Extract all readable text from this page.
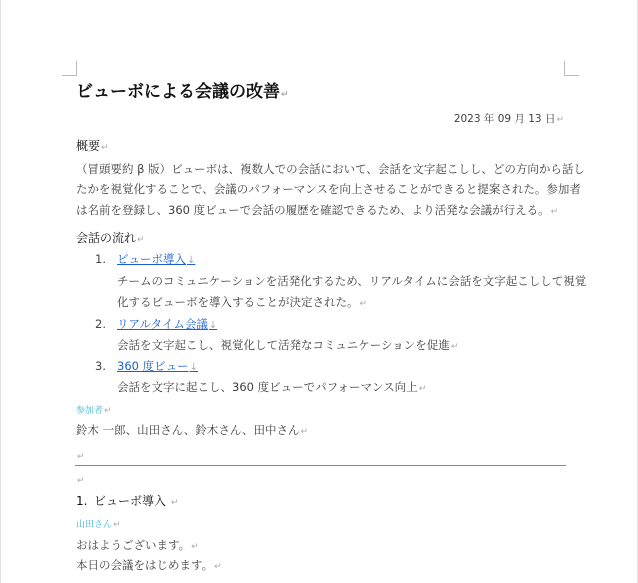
ビューボによる会議の改善 ↵
2023 年 09 月 13 日 ↵
概要 ↵
（冒頭要約 β 版）ビューボは、複数人での会話において、会話を文字起こしし、どの方向から話し
たかを視覚化することで、会議のパフォーマンスを向上させることができると提案された。参加者
は名前を登録し、360 度ビューで会話の履歴を確認できるため、より活発な会議が行える。 ↵
会話の流れ ↵
1. ビューボ導入 ↓
チームのコミュニケーションを活発化するため、リアルタイムに会話を文字起こしして視覚
化するビューボを導入することが決定された。 ↵
2. リアルタイム会議 ↓
会話を文字起こし、視覚化して活発なコミュニケーションを促進 ↵
3. 360 度ビュー ↓
会話を文字に起こし、360 度ビューでパフォーマンス向上 ↵
参加者 ↵
鈴木 一郎、山田さん、鈴木さん、田中さん ↵
↵
↵
1. ビューボ導入 ↵
山田さん ↵
おはようございます。 ↵
本日の会議をはじめます。 ↵
